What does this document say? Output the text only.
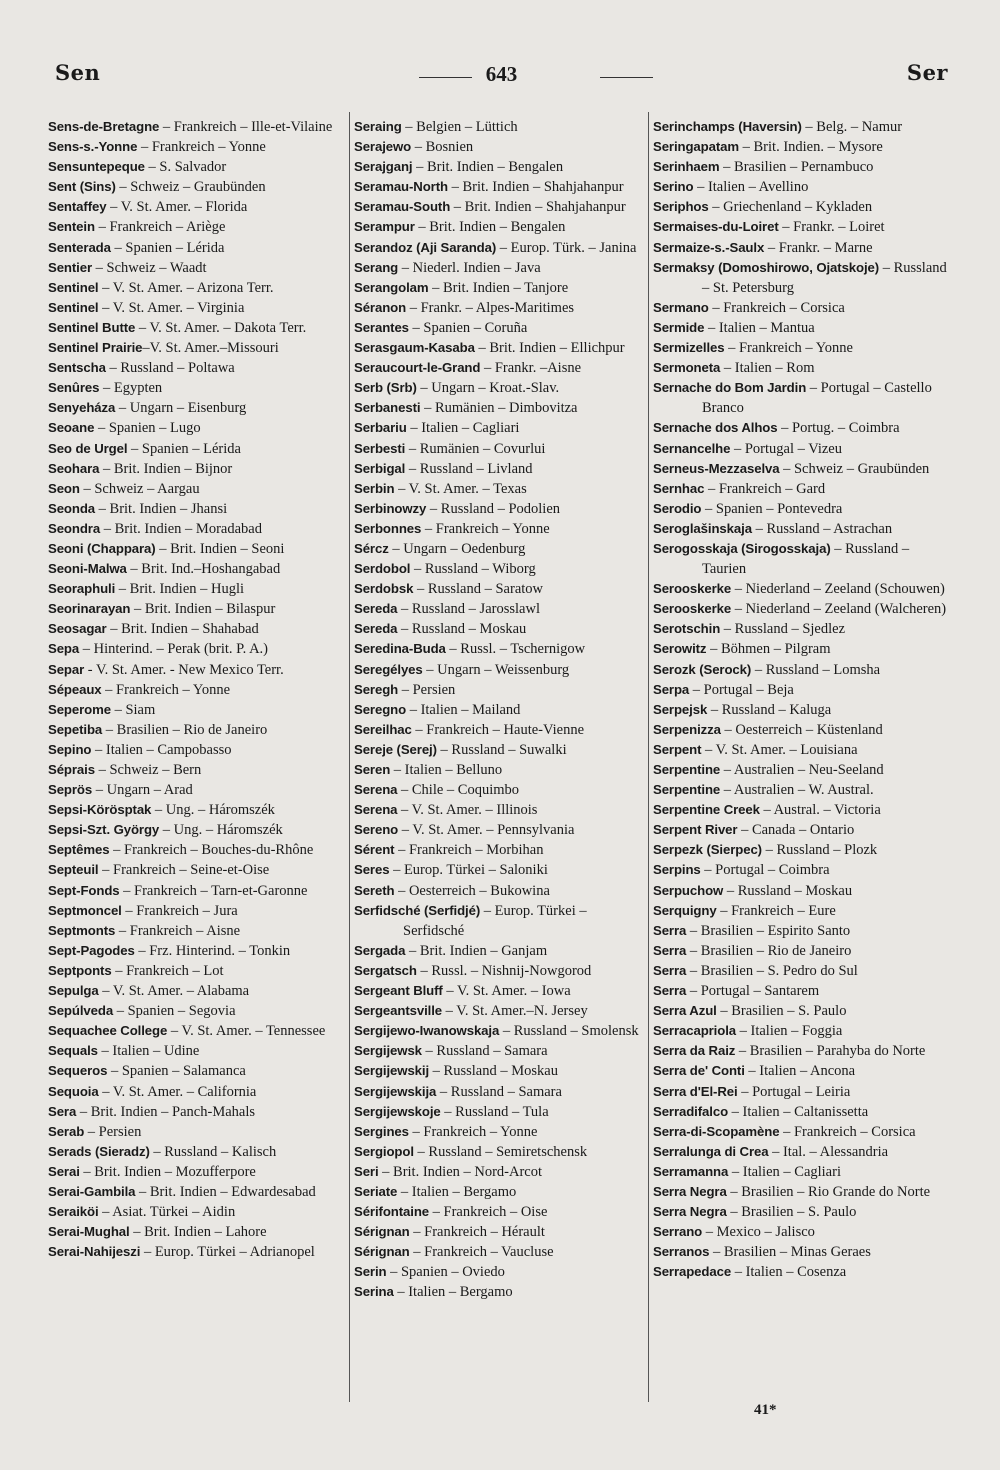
Sen	643	Ser
Sens-de-Bretagne – Frankreich – Ille-et-Vilaine
Sens-s.-Yonne – Frankreich – Yonne
Sensuntepeque – S. Salvador
Sent (Sins) – Schweiz – Graubünden
Sentaffey – V. St. Amer. – Florida
Sentein – Frankreich – Ariège
Senterada – Spanien – Lérida
Sentier – Schweiz – Waadt
Sentinel – V. St. Amer. – Arizona Terr.
Sentinel – V. St. Amer. – Virginia
Sentinel Butte – V. St. Amer. – Dakota Terr.
Sentinel Prairie–V. St. Amer.–Missouri
Sentscha – Russland – Poltawa
Senûres – Egypten
Senyeháza – Ungarn – Eisenburg
Seoane – Spanien – Lugo
Seo de Urgel – Spanien – Lérida
Seohara – Brit. Indien – Bijnor
Seon – Schweiz – Aargau
Seonda – Brit. Indien – Jhansi
Seondra – Brit. Indien – Moradabad
Seoni (Chappara) – Brit. Indien – Seoni
Seoni-Malwa – Brit. Ind.–Hoshangabad
Seoraphuli – Brit. Indien – Hugli
Seorinarayan – Brit. Indien – Bilaspur
Seosagar – Brit. Indien – Shahabad
Sepa – Hinterind. – Perak (brit. P. A.)
Separ - V. St. Amer. - New Mexico Terr.
Sépeaux – Frankreich – Yonne
Seperome – Siam
Sepetiba – Brasilien – Rio de Janeiro
Sepino – Italien – Campobasso
Séprais – Schweiz – Bern
Seprös – Ungarn – Arad
Sepsi-Körösptak – Ung. – Háromszék
Sepsi-Szt. György – Ung. – Háromszék
Septêmes – Frankreich – Bouches-du-Rhône
Septeuil – Frankreich – Seine-et-Oise
Sept-Fonds – Frankreich – Tarn-et-Garonne
Septmoncel – Frankreich – Jura
Septmonts – Frankreich – Aisne
Sept-Pagodes – Frz. Hinterind. – Tonkin
Septponts – Frankreich – Lot
Sepulga – V. St. Amer. – Alabama
Sepúlveda – Spanien – Segovia
Sequachee College – V. St. Amer. – Tennessee
Sequals – Italien – Udine
Sequeros – Spanien – Salamanca
Sequoia – V. St. Amer. – California
Sera – Brit. Indien – Panch-Mahals
Serab – Persien
Serads (Sieradz) – Russland – Kalisch
Serai – Brit. Indien – Mozufferpore
Serai-Gambila – Brit. Indien – Edwardesabad
Seraiköi – Asiat. Türkei – Aidin
Serai-Mughal – Brit. Indien – Lahore
Serai-Nahijeszi – Europ. Türkei – Adrianopel
Seraing – Belgien – Lüttich
Serajewo – Bosnien
Serajganj – Brit. Indien – Bengalen
Seramau-North – Brit. Indien – Shahjahanpur
Seramau-South – Brit. Indien – Shahjahanpur
Serampur – Brit. Indien – Bengalen
Serandoz (Aji Saranda) – Europ. Türk. – Janina
Serang – Niederl. Indien – Java
Serangolam – Brit. Indien – Tanjore
Séranon – Frankr. – Alpes-Maritimes
Serantes – Spanien – Coruña
Serasgaum-Kasaba – Brit. Indien – Ellichpur
Seraucourt-le-Grand – Frankr. –Aisne
Serb (Srb) – Ungarn – Kroat.-Slav.
Serbanesti – Rumänien – Dimbovitza
Serbariu – Italien – Cagliari
Serbesti – Rumänien – Covurlui
Serbigal – Russland – Livland
Serbin – V. St. Amer. – Texas
Serbinowzy – Russland – Podolien
Serbonnes – Frankreich – Yonne
Sércz – Ungarn – Oedenburg
Serdobol – Russland – Wiborg
Serdobsk – Russland – Saratow
Sereda – Russland – Jarosslawl
Sereda – Russland – Moskau
Seredina-Buda – Russl. – Tschernigow
Seregélyes – Ungarn – Weissenburg
Seregh – Persien
Seregno – Italien – Mailand
Sereilhac – Frankreich – Haute-Vienne
Sereje (Serej) – Russland – Suwalki
Seren – Italien – Belluno
Serena – Chile – Coquimbo
Serena – V. St. Amer. – Illinois
Sereno – V. St. Amer. – Pennsylvania
Sérent – Frankreich – Morbihan
Seres – Europ. Türkei – Saloniki
Sereth – Oesterreich – Bukowina
Serfidsché (Serfidjé) – Europ. Türkei – Serfidsché
Sergada – Brit. Indien – Ganjam
Sergatsch – Russl. – Nishnij-Nowgorod
Sergeant Bluff – V. St. Amer. – Iowa
Sergeantsville – V. St. Amer.–N. Jersey
Sergijewo-Iwanowskaja – Russland – Smolensk
Sergijewsk – Russland – Samara
Sergijewskij – Russland – Moskau
Sergijewskija – Russland – Samara
Sergijewskoje – Russland – Tula
Sergines – Frankreich – Yonne
Sergiopol – Russland – Semiretschensk
Seri – Brit. Indien – Nord-Arcot
Seriate – Italien – Bergamo
Sérifontaine – Frankreich – Oise
Sérignan – Frankreich – Hérault
Sérignan – Frankreich – Vaucluse
Serin – Spanien – Oviedo
Serina – Italien – Bergamo
Serinchamps (Haversin) – Belg. – Namur
Seringapatam – Brit. Indien. – Mysore
Serinhaem – Brasilien – Pernambuco
Serino – Italien – Avellino
Seriphos – Griechenland – Kykladen
Sermaises-du-Loiret – Frankr. – Loiret
Sermaize-s.-Saulx – Frankr. – Marne
Sermaksy (Domoshirowo, Ojatskoje) – Russland – St. Petersburg
Sermano – Frankreich – Corsica
Sermide – Italien – Mantua
Sermizelles – Frankreich – Yonne
Sermoneta – Italien – Rom
Sernache do Bom Jardin – Portugal – Castello Branco
Sernache dos Alhos – Portug. – Coimbra
Sernancelhe – Portugal – Vizeu
Serneus-Mezzaselva – Schweiz – Graubünden
Sernhac – Frankreich – Gard
Serodio – Spanien – Pontevedra
Seroglašinskaja – Russland – Astrachan
Serogosskaja (Sirogosskaja) – Russland – Taurien
Serooskerke – Niederland – Zeeland (Schouwen)
Serooskerke – Niederland – Zeeland (Walcheren)
Serotschin – Russland – Sjedlez
Serowitz – Böhmen – Pilgram
Serozk (Serock) – Russland – Lomsha
Serpa – Portugal – Beja
Serpejsk – Russland – Kaluga
Serpenizza – Oesterreich – Küstenland
Serpent – V. St. Amer. – Louisiana
Serpentine – Australien – Neu-Seeland
Serpentine – Australien – W. Austral.
Serpentine Creek – Austral. – Victoria
Serpent River – Canada – Ontario
Serpezk (Sierpec) – Russland – Plozk
Serpins – Portugal – Coimbra
Serpuchow – Russland – Moskau
Serquigny – Frankreich – Eure
Serra – Brasilien – Espirito Santo
Serra – Brasilien – Rio de Janeiro
Serra – Brasilien – S. Pedro do Sul
Serra – Portugal – Santarem
Serra Azul – Brasilien – S. Paulo
Serracapriola – Italien – Foggia
Serra da Raiz – Brasilien – Parahyba do Norte
Serra de' Conti – Italien – Ancona
Serra d'El-Rei – Portugal – Leiria
Serradifalco – Italien – Caltanissetta
Serra-di-Scopamène – Frankreich – Corsica
Serralunga di Crea – Ital. – Alessandria
Serramanna – Italien – Cagliari
Serra Negra – Brasilien – Rio Grande do Norte
Serra Negra – Brasilien – S. Paulo
Serrano – Mexico – Jalisco
Serranos – Brasilien – Minas Geraes
Serrapedace – Italien – Cosenza
41*
